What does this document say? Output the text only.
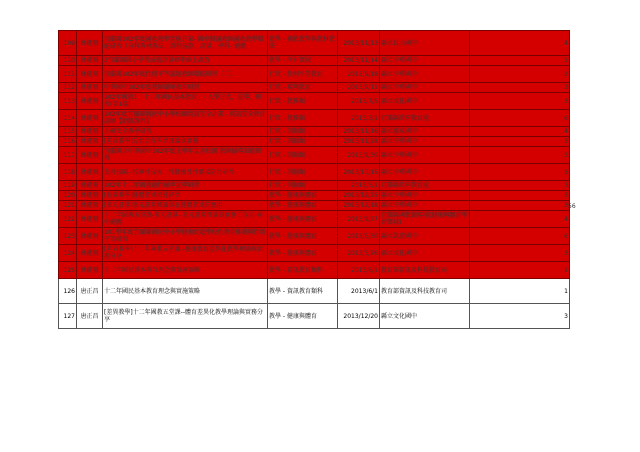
109	林鍵璽	宜蘭縣102年度補救教學實施方案- 國中閱讀教師補救教學增能研習（分科教材教法、課程規劃、評量、學科- 健體	教學 - 補救教學與教材教法	2013/11/13	縣立員山國中	4
110	林鍵璽	2宜蘭縣國小學習成就評量標準線上調查	教學 - 所有領域	2013/11/14	縣立中華國中	2
111	林鍵璽	宜蘭縣102年度性別平等議題教師增能研習（二）	行政 - 性別平等教育	2013/9/18	縣立中華國中	2
112	林鍵璽	中華國中102年度教師環境教育研習	行政 - 環境教育	2013/9/11	縣立中華國中	3
113	林鍵璽	102年國教1「十二年國民基本教育」- 入學方式、宣導、研習(第1場)	行政 - 教務類	2013/7/5	縣立文化國中	3
114	林鍵璽	102年度宜蘭縣國民中小學校園資訊安全計畫 - 資訊安全教育訓練【網路課程】	行政 - 教務類	2013/3/1	宜蘭縣政府教育處	6
115	林鍵璽	正確安全教學研習	行政 - 訓輔類	2013/11/16	縣立羅東國中	4
116	林鍵璽	[差異教學]分組合作學習理論與實務	行政 - 訓輔類	2013/11/28	縣立中華國中	3
117	林鍵璽	宜蘭縣立中華國中102年度上學年友善校園 教師輔導知能研習	行政 - 訓輔類	2013/9/30	縣立中華國中	2
118	林鍵璽	友善校園--校園性侵害、性騷擾及性霸凌防治研習	行政 - 訓輔類	2013/10/15	縣立中華國中	3
119	林鍵璽	102年十二年國教適性輔導宣導研習	行政 - 訓輔類	2013/5/1	宜蘭縣政府教育處	3
120	林鍵璽	[有效教學]健體領域增能研習	教學 - 健康與體育	2013/12/25	縣立中華國中	3
121	林鍵璽	[多元評量]多元評量概論與在健體領域的應用	教學 - 健康與體育	2013/12/18	縣立中華國中	3
122	林鍵璽	十二年國教五堂課-多元評量--多元評量理論與實務工作坊-國中健體	教學 - 健康與體育	2013/9/27	宜蘭縣國教輔導團(健康與體育學習領域)	4
123	林鍵璽	101學年度宜蘭縣國民中小學健康促進學校性教育推廣與性別平等研習	教學 - 健康與體育	2013/5/30	縣立凱旋國中	6
124	林鍵璽	[差異教學]十二年國教五堂課--健康教育差異化教學理論與實務分享	教學 - 健康與體育	2013/3/26	縣立文化國中	3
125	林鍵璽	十二年國民基本教育理念與實施策略	教學 - 資訊教育類科	2013/6/1	教育部資訊及科技教育司	1
126	唐正昌	十二年國民基本教育理念與實施策略	教學 - 資訊教育類科	2013/6/1	教育部資訊及科技教育司	1
127	唐正昌	[差異教學]十二年國教五堂課--體育差異化教學理論與實務分享	教學 - 健康與體育	2013/12/20	縣立文化國中	3
56
